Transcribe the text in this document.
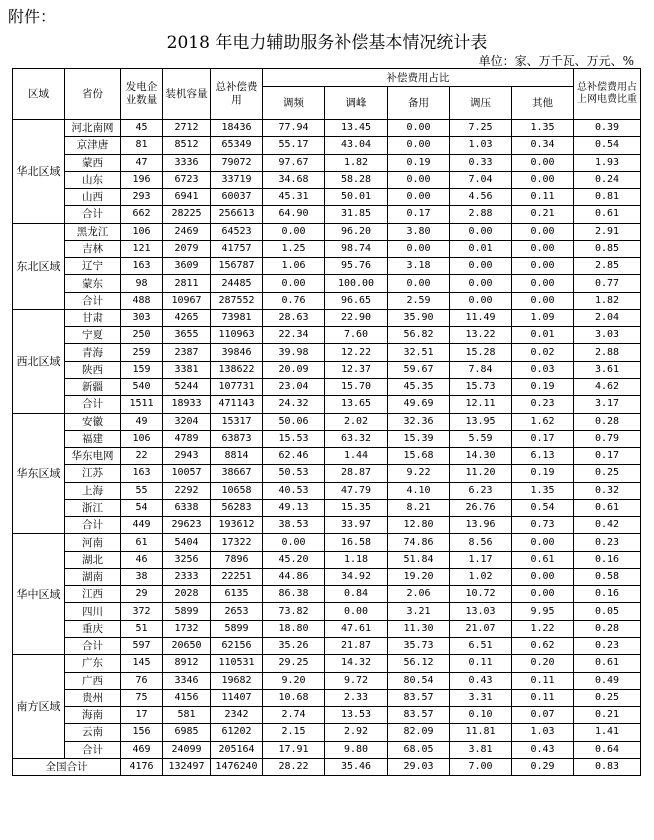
附件：
2018 年电力辅助服务补偿基本情况统计表
单位：家、万千瓦、万元、%
区域	省份	发电企业数量	装机容量	总补偿费用	补偿费用占比					总补偿费用占上网电费比重
					调频	调峰	备用	调压	其他	
华北区域	河北南网	45	2712	18436	77.94	13.45	0.00	7.25	1.35	0.39
	京津唐	81	8512	65349	55.17	43.04	0.00	1.03	0.34	0.54
	蒙西	47	3336	79072	97.67	1.82	0.19	0.33	0.00	1.93
	山东	196	6723	33719	34.68	58.28	0.00	7.04	0.00	0.24
	山西	293	6941	60037	45.31	50.01	0.00	4.56	0.11	0.81
	合计	662	28225	256613	64.90	31.85	0.17	2.88	0.21	0.61
东北区域	黑龙江	106	2469	64523	0.00	96.20	3.80	0.00	0.00	2.91
	吉林	121	2079	41757	1.25	98.74	0.00	0.01	0.00	0.85
	辽宁	163	3609	156787	1.06	95.76	3.18	0.00	0.00	2.85
	蒙东	98	2811	24485	0.00	100.00	0.00	0.00	0.00	0.77
	合计	488	10967	287552	0.76	96.65	2.59	0.00	0.00	1.82
西北区域	甘肃	303	4265	73981	28.63	22.90	35.90	11.49	1.09	2.04
	宁夏	250	3655	110963	22.34	7.60	56.82	13.22	0.01	3.03
	青海	259	2387	39846	39.98	12.22	32.51	15.28	0.02	2.88
	陕西	159	3381	138622	20.09	12.37	59.67	7.84	0.03	3.61
	新疆	540	5244	107731	23.04	15.70	45.35	15.73	0.19	4.62
	合计	1511	18933	471143	24.32	13.65	49.69	12.11	0.23	3.17
华东区域	安徽	49	3204	15317	50.06	2.02	32.36	13.95	1.62	0.28
	福建	106	4789	63873	15.53	63.32	15.39	5.59	0.17	0.79
	华东电网	22	2943	8814	62.46	1.44	15.68	14.30	6.13	0.17
	江苏	163	10057	38667	50.53	28.87	9.22	11.20	0.19	0.25
	上海	55	2292	10658	40.53	47.79	4.10	6.23	1.35	0.32
	浙江	54	6338	56283	49.13	15.35	8.21	26.76	0.54	0.61
	合计	449	29623	193612	38.53	33.97	12.80	13.96	0.73	0.42
华中区域	河南	61	5404	17322	0.00	16.58	74.86	8.56	0.00	0.23
	湖北	46	3256	7896	45.20	1.18	51.84	1.17	0.61	0.16
	湖南	38	2333	22251	44.86	34.92	19.20	1.02	0.00	0.58
	江西	29	2028	6135	86.38	0.84	2.06	10.72	0.00	0.16
	四川	372	5899	2653	73.82	0.00	3.21	13.03	9.95	0.05
	重庆	51	1732	5899	18.80	47.61	11.30	21.07	1.22	0.28
	合计	597	20650	62156	35.26	21.87	35.73	6.51	0.62	0.23
南方区域	广东	145	8912	110531	29.25	14.32	56.12	0.11	0.20	0.61
	广西	76	3346	19682	9.20	9.72	80.54	0.43	0.11	0.49
	贵州	75	4156	11407	10.68	2.33	83.57	3.31	0.11	0.25
	海南	17	581	2342	2.74	13.53	83.57	0.10	0.07	0.21
	云南	156	6985	61202	2.15	2.92	82.09	11.81	1.03	1.41
	合计	469	24099	205164	17.91	9.80	68.05	3.81	0.43	0.64
全国合计		4176	132497	1476240	28.22	35.46	29.03	7.00	0.29	0.83
